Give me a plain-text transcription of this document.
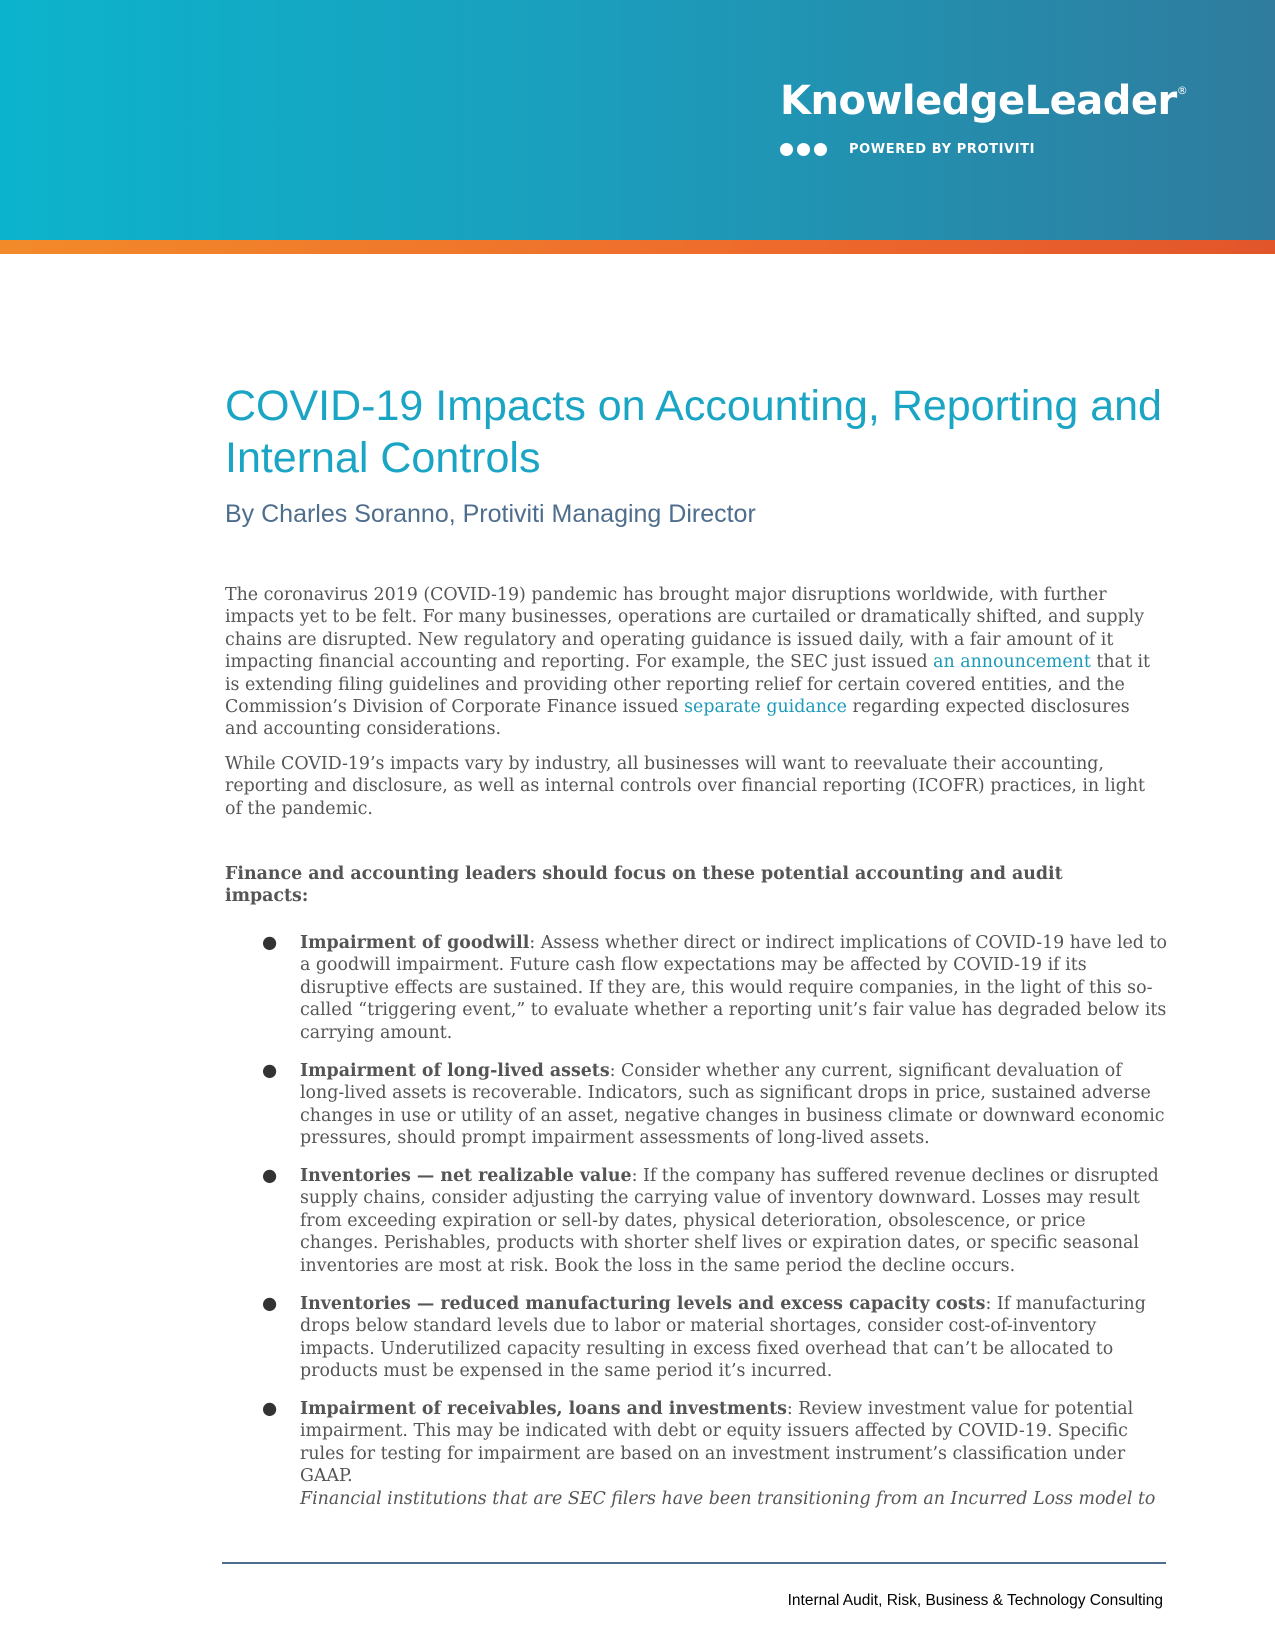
KnowledgeLeader®
POWERED BY PROTIVITI
COVID-19 Impacts on Accounting, Reporting and Internal Controls
By Charles Soranno, Protiviti Managing Director

The coronavirus 2019 (COVID-19) pandemic has brought major disruptions worldwide, with further impacts yet to be felt. For many businesses, operations are curtailed or dramatically shifted, and supply chains are disrupted. New regulatory and operating guidance is issued daily, with a fair amount of it impacting financial accounting and reporting. For example, the SEC just issued an announcement that it is extending filing guidelines and providing other reporting relief for certain covered entities, and the Commission’s Division of Corporate Finance issued separate guidance regarding expected disclosures and accounting considerations.

While COVID-19’s impacts vary by industry, all businesses will want to reevaluate their accounting, reporting and disclosure, as well as internal controls over financial reporting (ICOFR) practices, in light of the pandemic.

Finance and accounting leaders should focus on these potential accounting and audit impacts:

● Impairment of goodwill: Assess whether direct or indirect implications of COVID-19 have led to a goodwill impairment. Future cash flow expectations may be affected by COVID-19 if its disruptive effects are sustained. If they are, this would require companies, in the light of this so-called “triggering event,” to evaluate whether a reporting unit’s fair value has degraded below its carrying amount.
● Impairment of long-lived assets: Consider whether any current, significant devaluation of long-lived assets is recoverable. Indicators, such as significant drops in price, sustained adverse changes in use or utility of an asset, negative changes in business climate or downward economic pressures, should prompt impairment assessments of long-lived assets.
● Inventories — net realizable value: If the company has suffered revenue declines or disrupted supply chains, consider adjusting the carrying value of inventory downward. Losses may result from exceeding expiration or sell-by dates, physical deterioration, obsolescence, or price changes. Perishables, products with shorter shelf lives or expiration dates, or specific seasonal inventories are most at risk. Book the loss in the same period the decline occurs.
● Inventories — reduced manufacturing levels and excess capacity costs: If manufacturing drops below standard levels due to labor or material shortages, consider cost-of-inventory impacts. Underutilized capacity resulting in excess fixed overhead that can’t be allocated to products must be expensed in the same period it’s incurred.
● Impairment of receivables, loans and investments: Review investment value for potential impairment. This may be indicated with debt or equity issuers affected by COVID-19. Specific rules for testing for impairment are based on an investment instrument’s classification under GAAP.
Financial institutions that are SEC filers have been transitioning from an Incurred Loss model to
Internal Audit, Risk, Business & Technology Consulting
